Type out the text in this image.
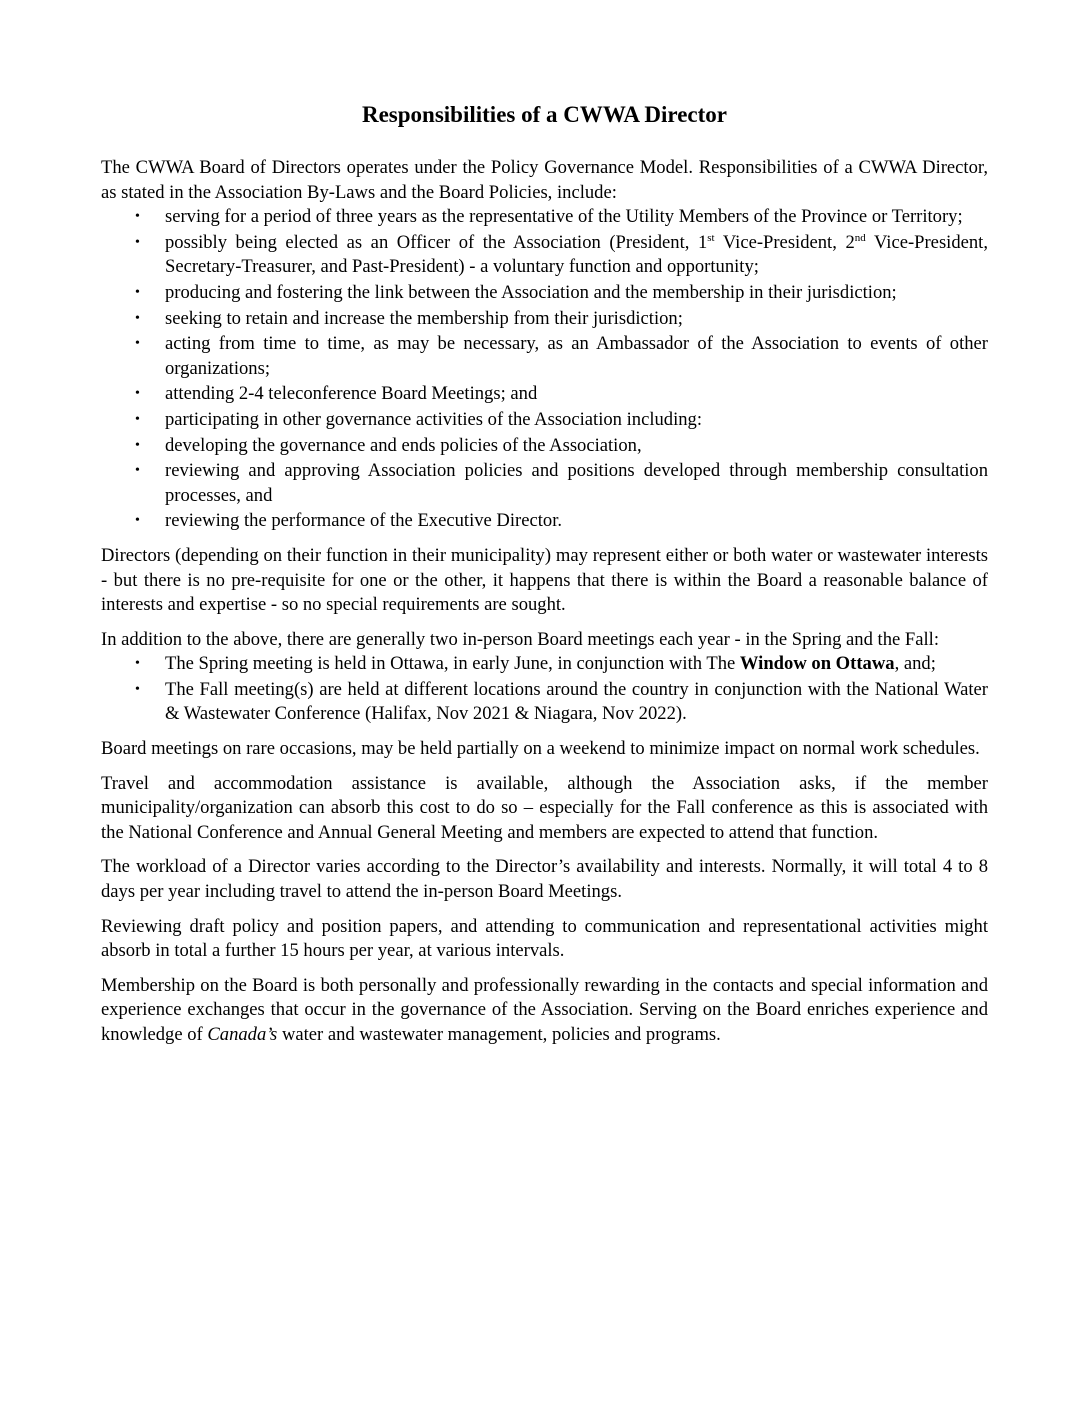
Responsibilities of a CWWA Director

The CWWA Board of Directors operates under the Policy Governance Model. Responsibilities of a CWWA Director, as stated in the Association By-Laws and the Board Policies, include:

• serving for a period of three years as the representative of the Utility Members of the Province or Territory;
• possibly being elected as an Officer of the Association (President, 1st Vice-President, 2nd Vice-President, Secretary-Treasurer, and Past-President) - a voluntary function and opportunity;
• producing and fostering the link between the Association and the membership in their jurisdiction;
• seeking to retain and increase the membership from their jurisdiction;
• acting from time to time, as may be necessary, as an Ambassador of the Association to events of other organizations;
• attending 2-4 teleconference Board Meetings; and
• participating in other governance activities of the Association including:
• developing the governance and ends policies of the Association,
• reviewing and approving Association policies and positions developed through membership consultation processes, and
• reviewing the performance of the Executive Director.

Directors (depending on their function in their municipality) may represent either or both water or wastewater interests - but there is no pre-requisite for one or the other, it happens that there is within the Board a reasonable balance of interests and expertise - so no special requirements are sought.

In addition to the above, there are generally two in-person Board meetings each year - in the Spring and the Fall:

• The Spring meeting is held in Ottawa, in early June, in conjunction with The Window on Ottawa, and;
• The Fall meeting(s) are held at different locations around the country in conjunction with the National Water & Wastewater Conference (Halifax, Nov 2021 & Niagara, Nov 2022).

Board meetings on rare occasions, may be held partially on a weekend to minimize impact on normal work schedules.

Travel and accommodation assistance is available, although the Association asks, if the member municipality/organization can absorb this cost to do so – especially for the Fall conference as this is associated with the National Conference and Annual General Meeting and members are expected to attend that function.

The workload of a Director varies according to the Director’s availability and interests. Normally, it will total 4 to 8 days per year including travel to attend the in-person Board Meetings.

Reviewing draft policy and position papers, and attending to communication and representational activities might absorb in total a further 15 hours per year, at various intervals.

Membership on the Board is both personally and professionally rewarding in the contacts and special information and experience exchanges that occur in the governance of the Association. Serving on the Board enriches experience and knowledge of Canada’s water and wastewater management, policies and programs.
